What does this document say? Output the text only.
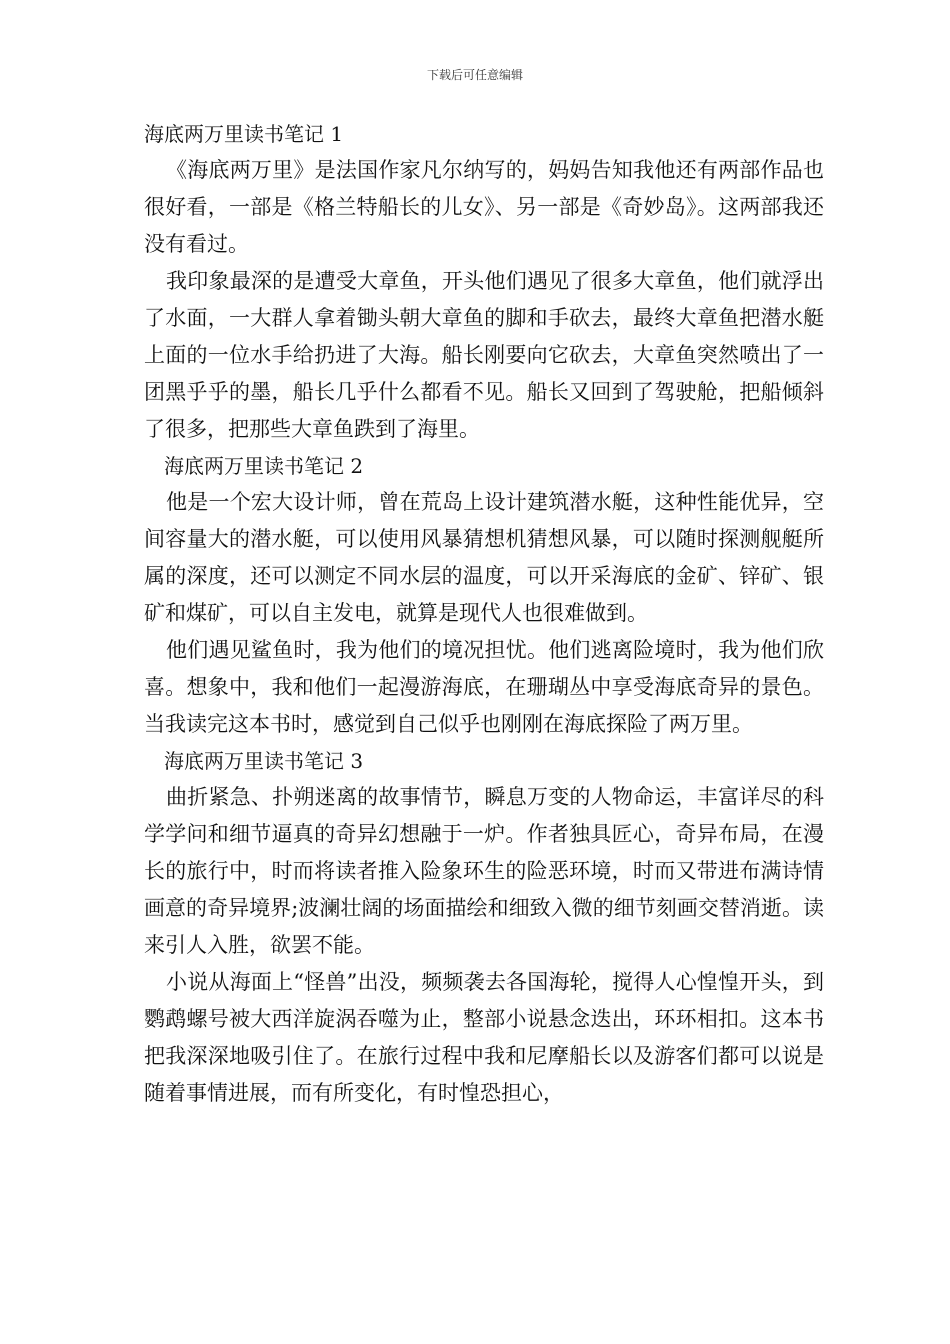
下载后可任意编辑
海底两万里读书笔记 1

《海底两万里》是法国作家凡尔纳写的，妈妈告知我他还有两部作品也很好看，一部是《格兰特船长的儿女》、另一部是《奇妙岛》。这两部我还没有看过。

我印象最深的是遭受大章鱼，开头他们遇见了很多大章鱼，他们就浮出了水面，一大群人拿着锄头朝大章鱼的脚和手砍去，最终大章鱼把潜水艇上面的一位水手给扔进了大海。船长刚要向它砍去，大章鱼突然喷出了一团黑乎乎的墨，船长几乎什么都看不见。船长又回到了驾驶舱，把船倾斜了很多，把那些大章鱼跌到了海里。

海底两万里读书笔记 2

他是一个宏大设计师，曾在荒岛上设计建筑潜水艇，这种性能优异，空间容量大的潜水艇，可以使用风暴猜想机猜想风暴，可以随时探测舰艇所属的深度，还可以测定不同水层的温度，可以开采海底的金矿、锌矿、银矿和煤矿，可以自主发电，就算是现代人也很难做到。

他们遇见鲨鱼时，我为他们的境况担忧。他们逃离险境时，我为他们欣喜。想象中，我和他们一起漫游海底，在珊瑚丛中享受海底奇异的景色。当我读完这本书时，感觉到自己似乎也刚刚在海底探险了两万里。

海底两万里读书笔记 3

曲折紧急、扑朔迷离的故事情节，瞬息万变的人物命运，丰富详尽的科学学问和细节逼真的奇异幻想融于一炉。作者独具匠心，奇异布局，在漫长的旅行中，时而将读者推入险象环生的险恶环境，时而又带进布满诗情画意的奇异境界;波澜壮阔的场面描绘和细致入微的细节刻画交替消逝。读来引人入胜，欲罢不能。

小说从海面上“怪兽”出没，频频袭去各国海轮，搅得人心惶惶开头，到鹦鹉螺号被大西洋旋涡吞噬为止，整部小说悬念迭出，环环相扣。这本书把我深深地吸引住了。在旅行过程中我和尼摩船长以及游客们都可以说是随着事情进展，而有所变化，有时惶恐担心，
